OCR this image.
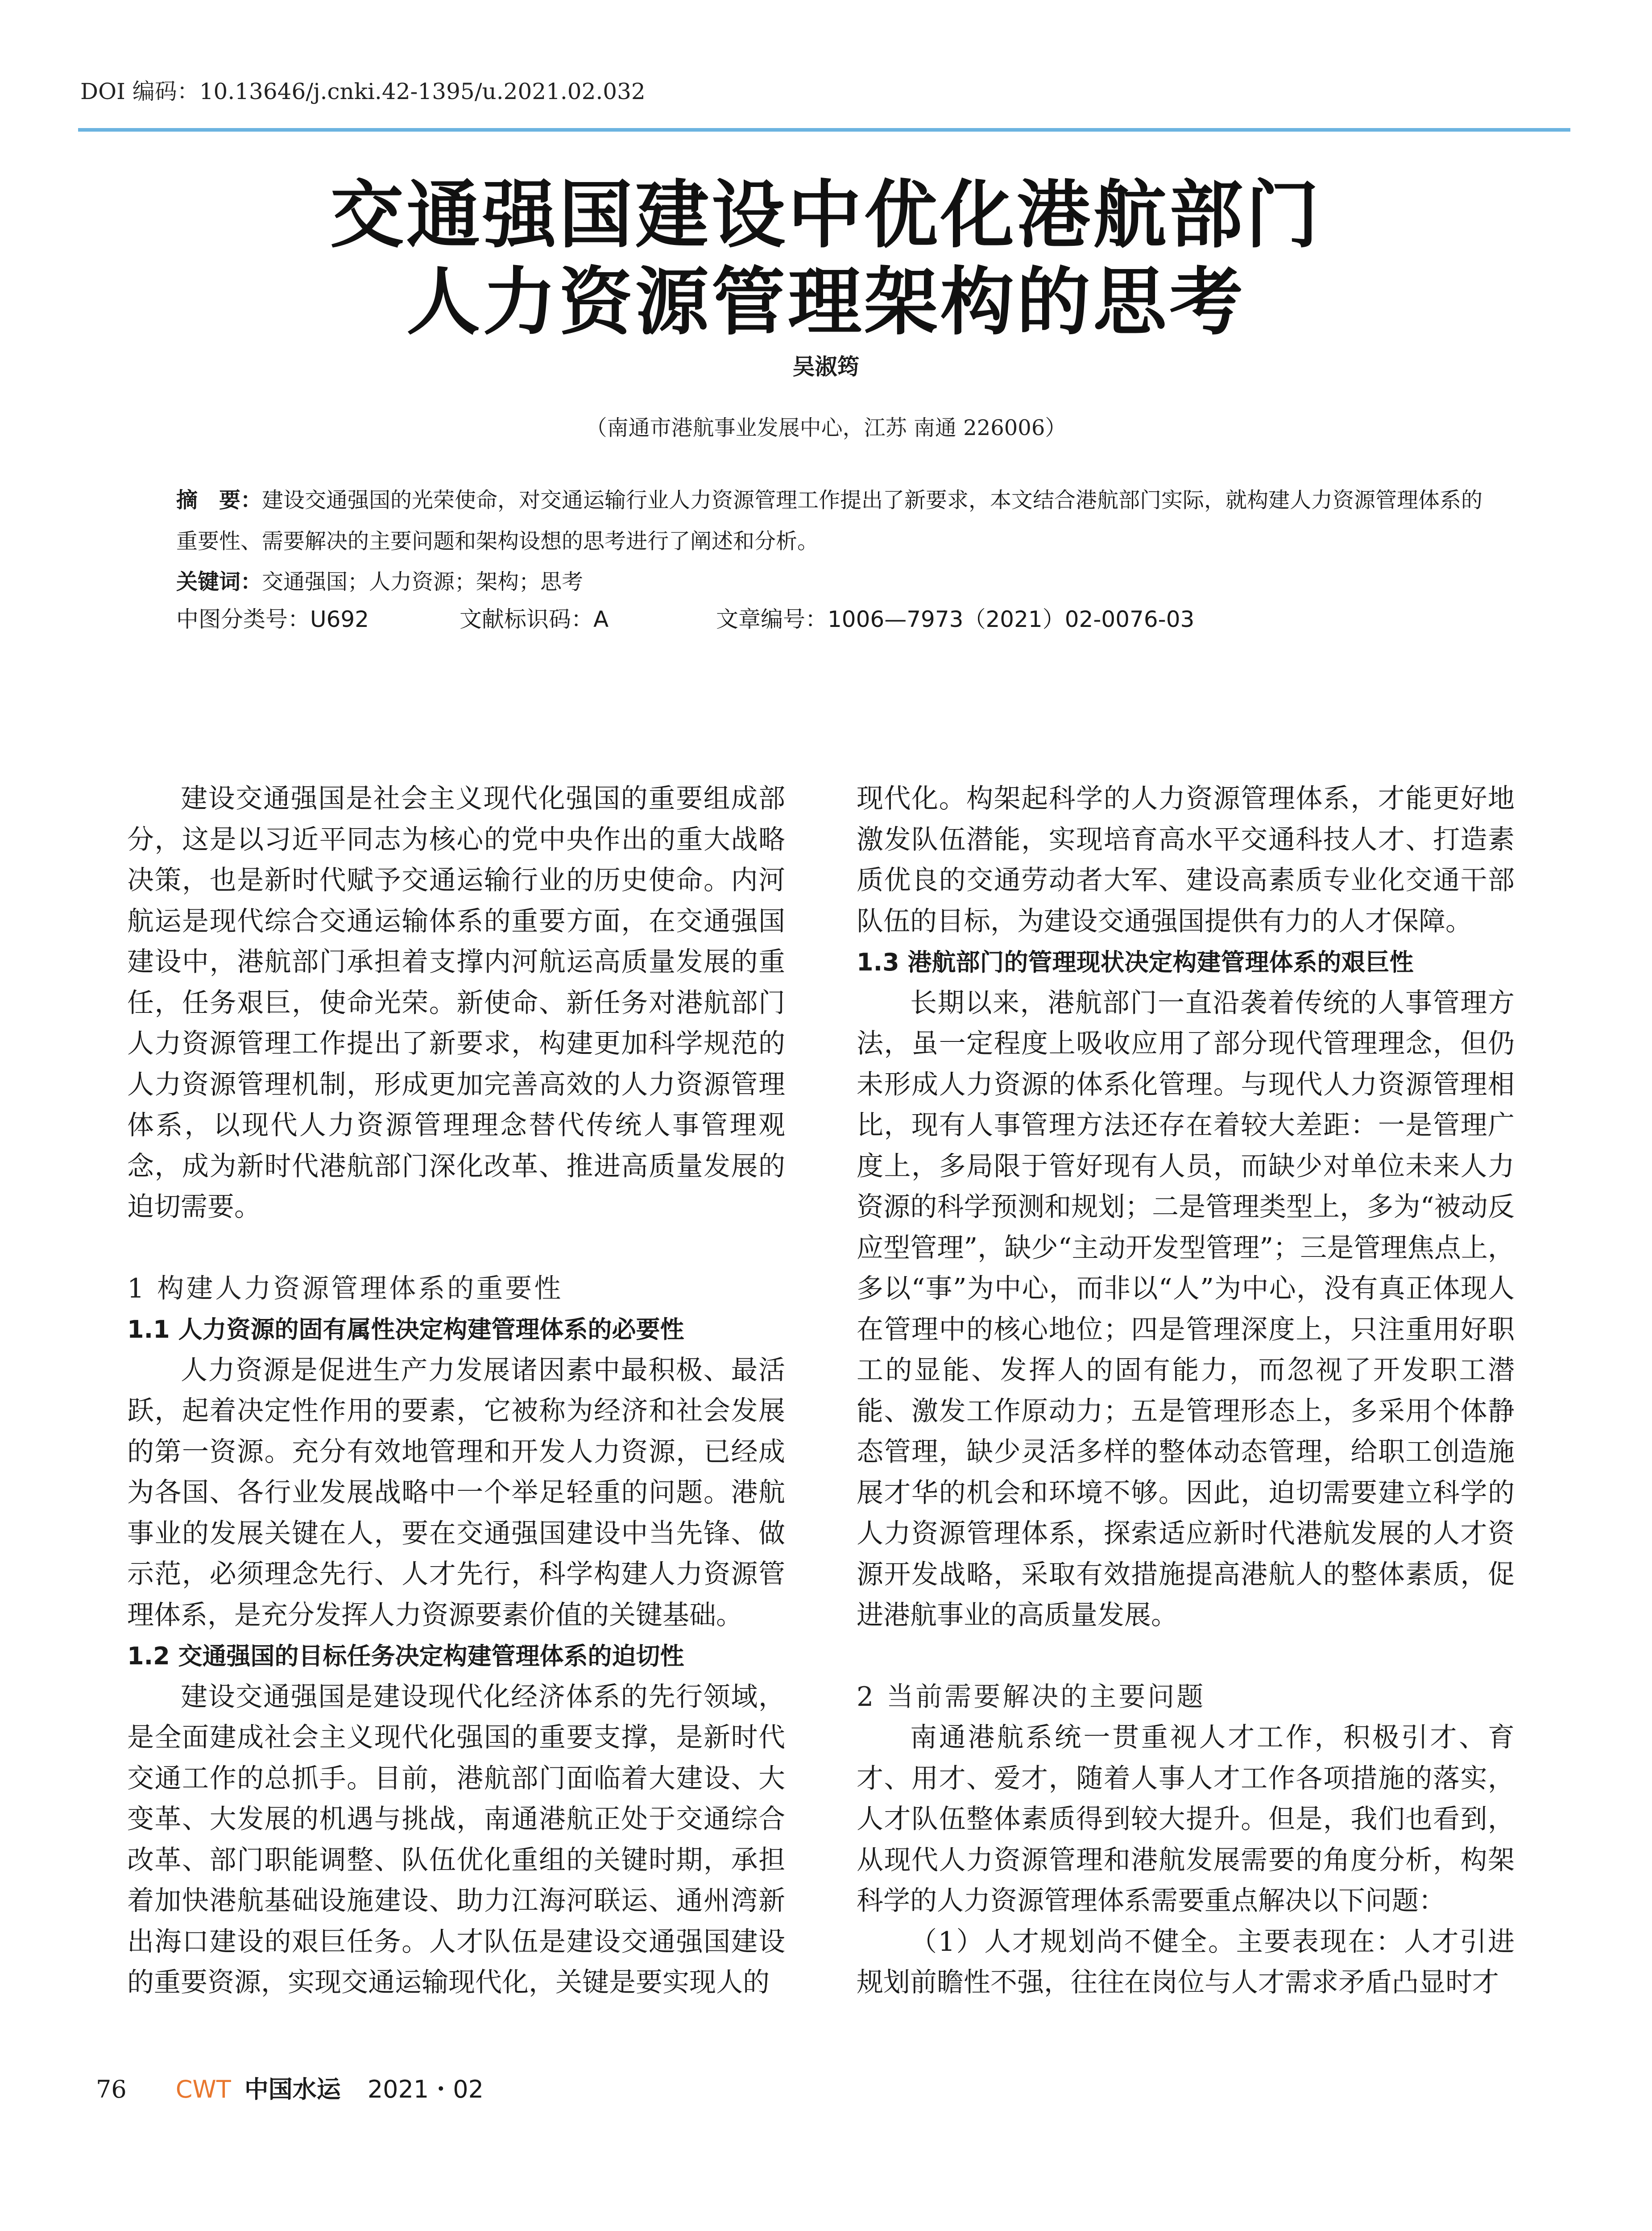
DOI 编码：10.13646/j.cnki.42-1395/u.2021.02.032
交通强国建设中优化港航部门
人力资源管理架构的思考
吴淑筠
（南通市港航事业发展中心，江苏 南通 226006）
摘　要：建设交通强国的光荣使命，对交通运输行业人力资源管理工作提出了新要求，本文结合港航部门实际，就构建人力资源管理体系的重要性、需要解决的主要问题和架构设想的思考进行了阐述和分析。
关键词：交通强国；人力资源；架构；思考
中图分类号：U692	文献标识码：A	文章编号：1006—7973（2021）02-0076-03

建设交通强国是社会主义现代化强国的重要组成部分，这是以习近平同志为核心的党中央作出的重大战略决策，也是新时代赋予交通运输行业的历史使命。内河航运是现代综合交通运输体系的重要方面，在交通强国建设中，港航部门承担着支撑内河航运高质量发展的重任，任务艰巨，使命光荣。新使命、新任务对港航部门人力资源管理工作提出了新要求，构建更加科学规范的人力资源管理机制，形成更加完善高效的人力资源管理体系，以现代人力资源管理理念替代传统人事管理观念，成为新时代港航部门深化改革、推进高质量发展的迫切需要。

1 构建人力资源管理体系的重要性
1.1 人力资源的固有属性决定构建管理体系的必要性

人力资源是促进生产力发展诸因素中最积极、最活跃，起着决定性作用的要素，它被称为经济和社会发展的第一资源。充分有效地管理和开发人力资源，已经成为各国、各行业发展战略中一个举足轻重的问题。港航事业的发展关键在人，要在交通强国建设中当先锋、做示范，必须理念先行、人才先行，科学构建人力资源管理体系，是充分发挥人力资源要素价值的关键基础。

1.2 交通强国的目标任务决定构建管理体系的迫切性

建设交通强国是建设现代化经济体系的先行领域，是全面建成社会主义现代化强国的重要支撑，是新时代交通工作的总抓手。目前，港航部门面临着大建设、大变革、大发展的机遇与挑战，南通港航正处于交通综合改革、部门职能调整、队伍优化重组的关键时期，承担着加快港航基础设施建设、助力江海河联运、通州湾新出海口建设的艰巨任务。人才队伍是建设交通强国建设的重要资源，实现交通运输现代化，关键是要实现人的

现代化。构架起科学的人力资源管理体系，才能更好地激发队伍潜能，实现培育高水平交通科技人才、打造素质优良的交通劳动者大军、建设高素质专业化交通干部队伍的目标，为建设交通强国提供有力的人才保障。

1.3 港航部门的管理现状决定构建管理体系的艰巨性

长期以来，港航部门一直沿袭着传统的人事管理方法，虽一定程度上吸收应用了部分现代管理理念，但仍未形成人力资源的体系化管理。与现代人力资源管理相比，现有人事管理方法还存在着较大差距：一是管理广度上，多局限于管好现有人员，而缺少对单位未来人力资源的科学预测和规划；二是管理类型上，多为“被动反应型管理”，缺少“主动开发型管理”；三是管理焦点上，多以“事”为中心，而非以“人”为中心，没有真正体现人在管理中的核心地位；四是管理深度上，只注重用好职工的显能、发挥人的固有能力，而忽视了开发职工潜能、激发工作原动力；五是管理形态上，多采用个体静态管理，缺少灵活多样的整体动态管理，给职工创造施展才华的机会和环境不够。因此，迫切需要建立科学的人力资源管理体系，探索适应新时代港航发展的人才资源开发战略，采取有效措施提高港航人的整体素质，促进港航事业的高质量发展。

2 当前需要解决的主要问题

南通港航系统一贯重视人才工作，积极引才、育才、用才、爱才，随着人事人才工作各项措施的落实，人才队伍整体素质得到较大提升。但是，我们也看到，从现代人力资源管理和港航发展需要的角度分析，构架科学的人力资源管理体系需要重点解决以下问题：

（1）人才规划尚不健全。主要表现在：人才引进规划前瞻性不强，往往在岗位与人才需求矛盾凸显时才

76 CWT 中国水运 2021・02
